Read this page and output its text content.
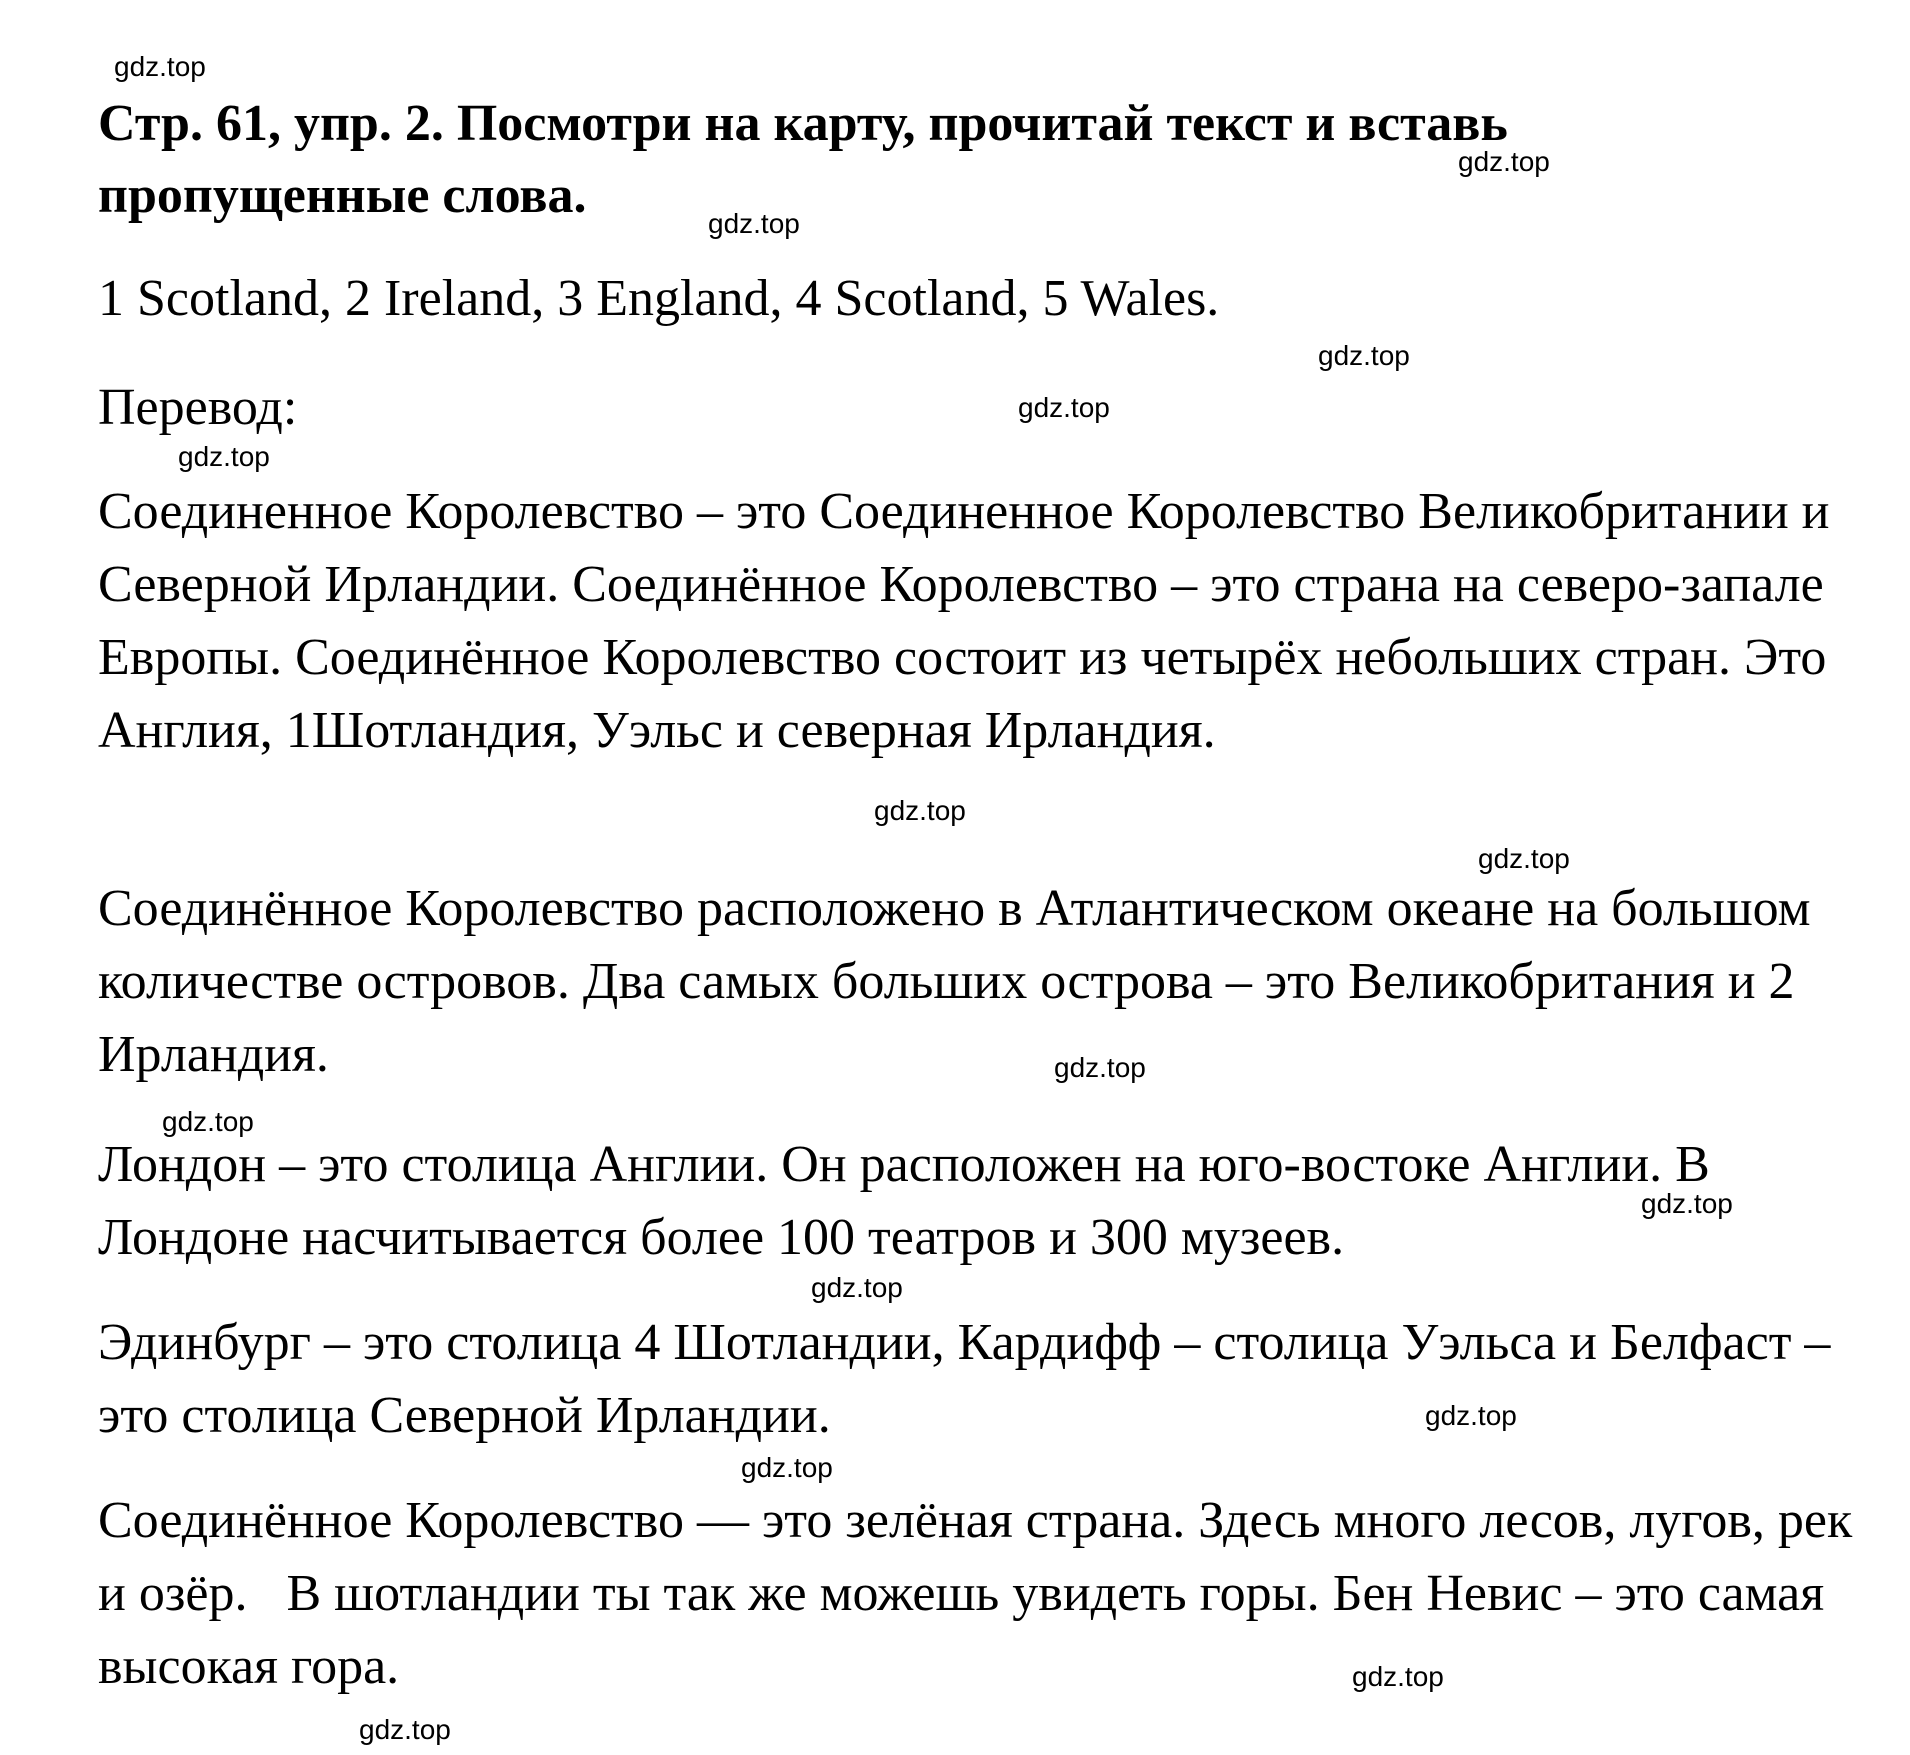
Стр. 61, упр. 2. Посмотри на карту, прочитай текст и вставь пропущенные слова.

1 Scotland, 2 Ireland, 3 England, 4 Scotland, 5 Wales.

Перевод:

Соединенное Королевство – это Соединенное Королевство Великобритании и Северной Ирландии. Соединённое Королевство – это страна на северо-запале Европы. Соединённое Королевство состоит из четырёх небольших стран. Это Англия, 1Шотландия, Уэльс и северная Ирландия.

Соединённое Королевство расположено в Атлантическом океане на большом количестве островов. Два самых больших острова – это Великобритания и 2 Ирландия.

Лондон – это столица Англии. Он расположен на юго-востоке Англии. В Лондоне насчитывается более 100 театров и 300 музеев.

Эдинбург – это столица 4 Шотландии, Кардифф – столица Уэльса и Белфаст – это столица Северной Ирландии.

Соединённое Королевство — это зелёная страна. Здесь много лесов, лугов, рек и озёр.   В шотландии ты так же можешь увидеть горы. Бен Невис – это самая высокая гора.

gdz.top
gdz.top
gdz.top
gdz.top
gdz.top
gdz.top
gdz.top
gdz.top
gdz.top
gdz.top
gdz.top
gdz.top
gdz.top
gdz.top
gdz.top
gdz.top
